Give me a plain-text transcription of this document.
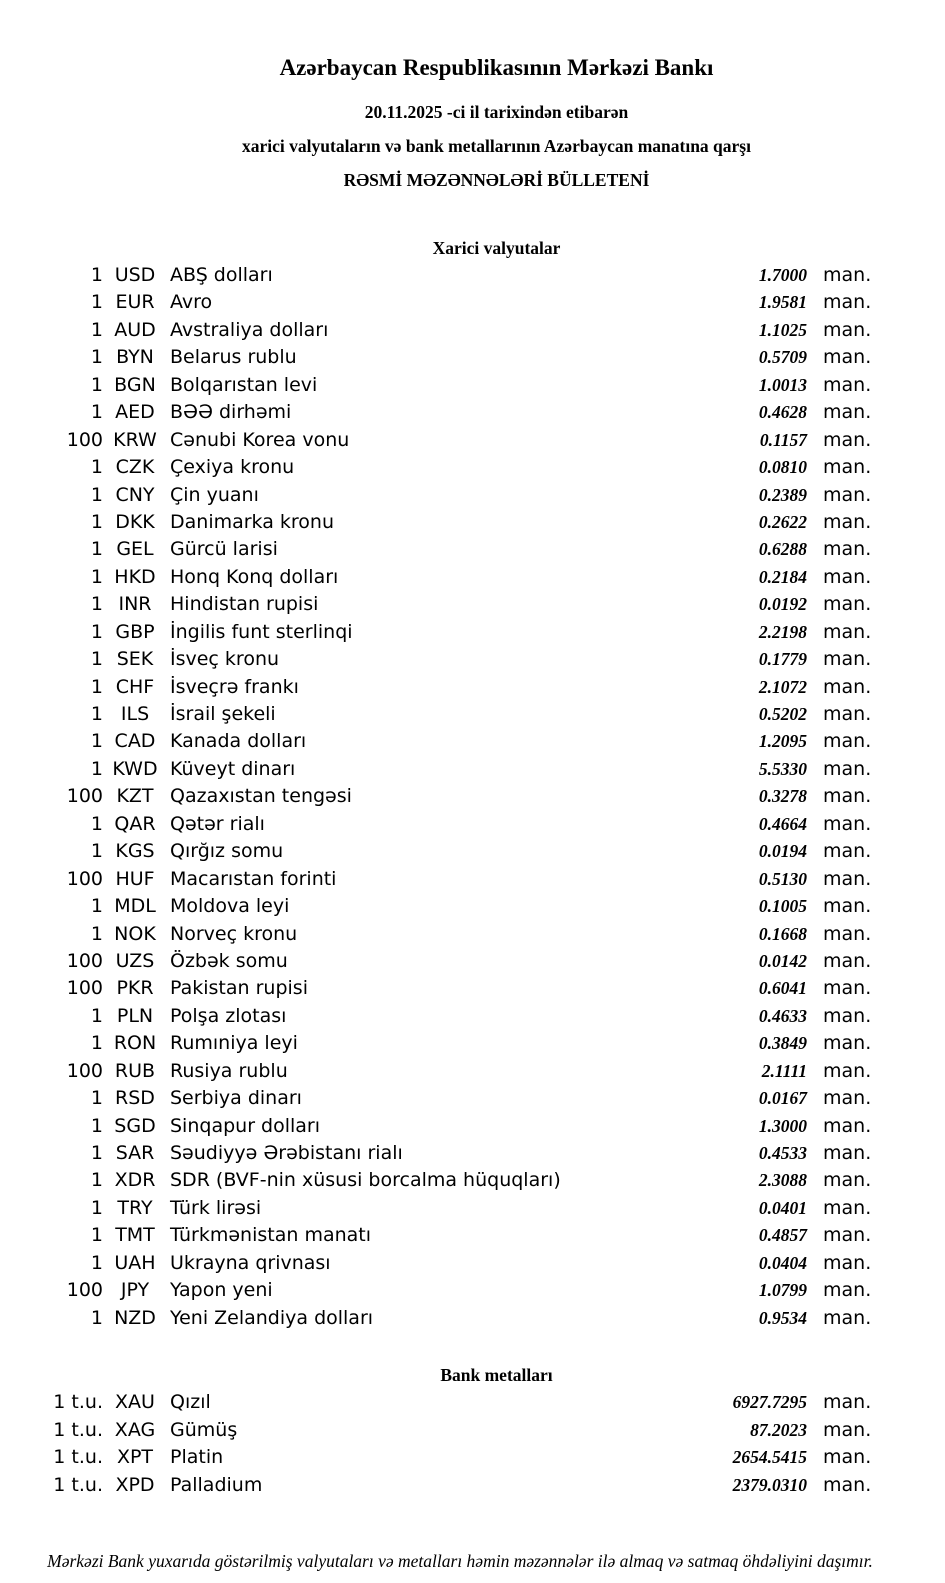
Azərbaycan Respublikasının Mərkəzi Bankı
20.11.2025 -ci il tarixindən etibarən
xarici valyutaların və bank metallarının Azərbaycan manatına qarşı
RƏSMİ MƏZƏNNƏLƏRİ BÜLLETENİ
Xarici valyutalar
1 USD ABŞ dolları	1.7000 man.
1 EUR Avro	1.9581 man.
1 AUD Avstraliya dolları	1.1025 man.
1 BYN Belarus rublu	0.5709 man.
1 BGN Bolqarıstan levi	1.0013 man.
1 AED BƏƏ dirhəmi	0.4628 man.
100 KRW Cənubi Korea vonu	0.1157 man.
1 CZK Çexiya kronu	0.0810 man.
1 CNY Çin yuanı	0.2389 man.
1 DKK Danimarka kronu	0.2622 man.
1 GEL Gürcü larisi	0.6288 man.
1 HKD Honq Konq dolları	0.2184 man.
1 INR Hindistan rupisi	0.0192 man.
1 GBP İngilis funt sterlinqi	2.2198 man.
1 SEK İsveç kronu	0.1779 man.
1 CHF İsveçrə frankı	2.1072 man.
1 ILS	İsrail şekeli	0.5202 man.
1 CAD Kanada dolları	1.2095 man.
1 KWD Küveyt dinarı	5.5330 man.
100 KZT Qazaxıstan tengəsi	0.3278 man.
1 QAR Qətər rialı	0.4664 man.
1 KGS Qırğız somu	0.0194 man.
100 HUF Macarıstan forinti	0.5130 man.
1 MDL Moldova leyi	0.1005 man.
1 NOK Norveç kronu	0.1668 man.
100 UZS Özbək somu	0.0142 man.
100 PKR Pakistan rupisi	0.6041 man.
1 PLN Polşa zlotası	0.4633 man.
1 RON Rumıniya leyi	0.3849 man.
100 RUB Rusiya rublu	2.1111 man.
1 RSD Serbiya dinarı	0.0167 man.
1 SGD Sinqapur dolları	1.3000 man.
1 SAR Səudiyyə Ərəbistanı rialı	0.4533 man.
1 XDR SDR (BVF-nin xüsusi borcalma hüquqları)	2.3088 man.
1 TRY Türk lirəsi	0.0401 man.
1 TMT Türkmənistan manatı	0.4857 man.
1 UAH Ukrayna qrivnası	0.0404 man.
100 JPY	Yapon yeni	1.0799 man.
1 NZD Yeni Zelandiya dolları	0.9534 man.
Bank metalları
1 t.u. XAU Qızıl	6927.7295 man.
1 t.u. XAG Gümüş	87.2023 man.
1 t.u. XPT Platin	2654.5415 man.
1 t.u. XPD Palladium	2379.0310 man.
Mərkəzi Bank yuxarıda göstərilmiş valyutaları və metalları həmin məzənnələr ilə almaq və satmaq öhdəliyini daşımır.
